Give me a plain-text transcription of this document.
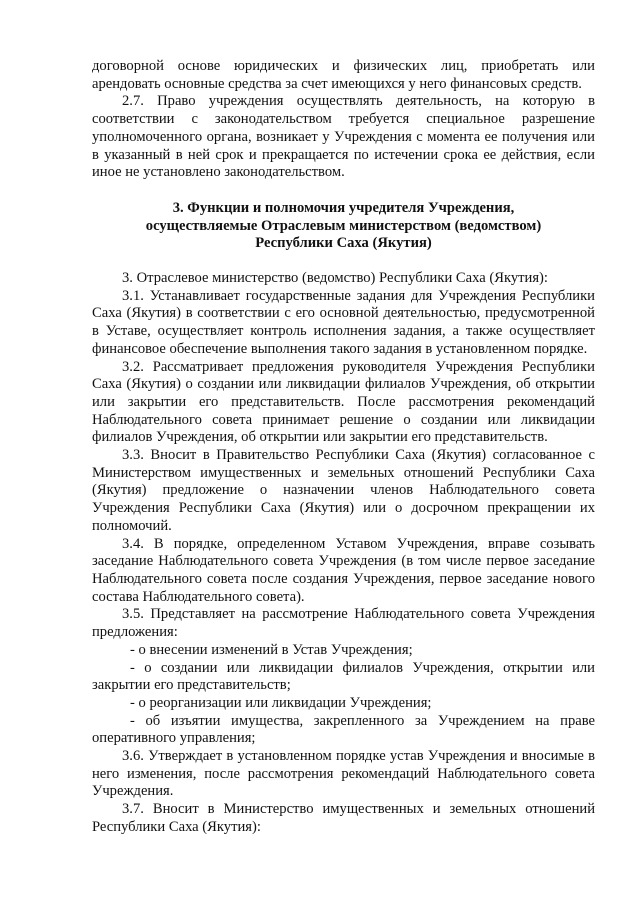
договорной основе юридических и физических лиц, приобретать или арендовать основные средства за счет имеющихся у него финансовых средств.

2.7. Право учреждения осуществлять деятельность, на которую в соответствии с законодательством требуется специальное разрешение уполномоченного органа, возникает у Учреждения с момента ее получения или в указанный в ней срок и прекращается по истечении срока ее действия, если иное не установлено законодательством.

3. Функции и полномочия учредителя Учреждения,

осуществляемые Отраслевым министерством (ведомством)

Республики Саха (Якутия)

3. Отраслевое министерство (ведомство) Республики Саха (Якутия):

3.1. Устанавливает государственные задания для Учреждения Республики Саха (Якутия) в соответствии с его основной деятельностью, предусмотренной в Уставе, осуществляет контроль исполнения задания, а также осуществляет финансовое обеспечение выполнения такого задания в установленном порядке.

3.2. Рассматривает предложения руководителя Учреждения Республики Саха (Якутия) о создании или ликвидации филиалов Учреждения, об открытии или закрытии его представительств. После рассмотрения рекомендаций Наблюдательного совета принимает решение о создании или ликвидации филиалов Учреждения, об открытии или закрытии его представительств.

3.3. Вносит в Правительство Республики Саха (Якутия) согласованное с Министерством имущественных и земельных отношений Республики Саха (Якутия) предложение о назначении членов Наблюдательного совета Учреждения Республики Саха (Якутия) или о досрочном прекращении их полномочий.

3.4. В порядке, определенном Уставом Учреждения, вправе созывать заседание Наблюдательного совета Учреждения (в том числе первое заседание Наблюдательного совета после создания Учреждения, первое заседание нового состава Наблюдательного совета).

3.5. Представляет на рассмотрение Наблюдательного совета Учреждения предложения:

- о внесении изменений в Устав Учреждения;

- о создании или ликвидации филиалов Учреждения, открытии или закрытии его представительств;

- о реорганизации или ликвидации Учреждения;

- об изъятии имущества, закрепленного за Учреждением на праве оперативного управления;

3.6. Утверждает в установленном порядке устав Учреждения и вносимые в него изменения, после рассмотрения рекомендаций Наблюдательного совета Учреждения.

3.7. Вносит в Министерство имущественных и земельных отношений Республики Саха (Якутия):
